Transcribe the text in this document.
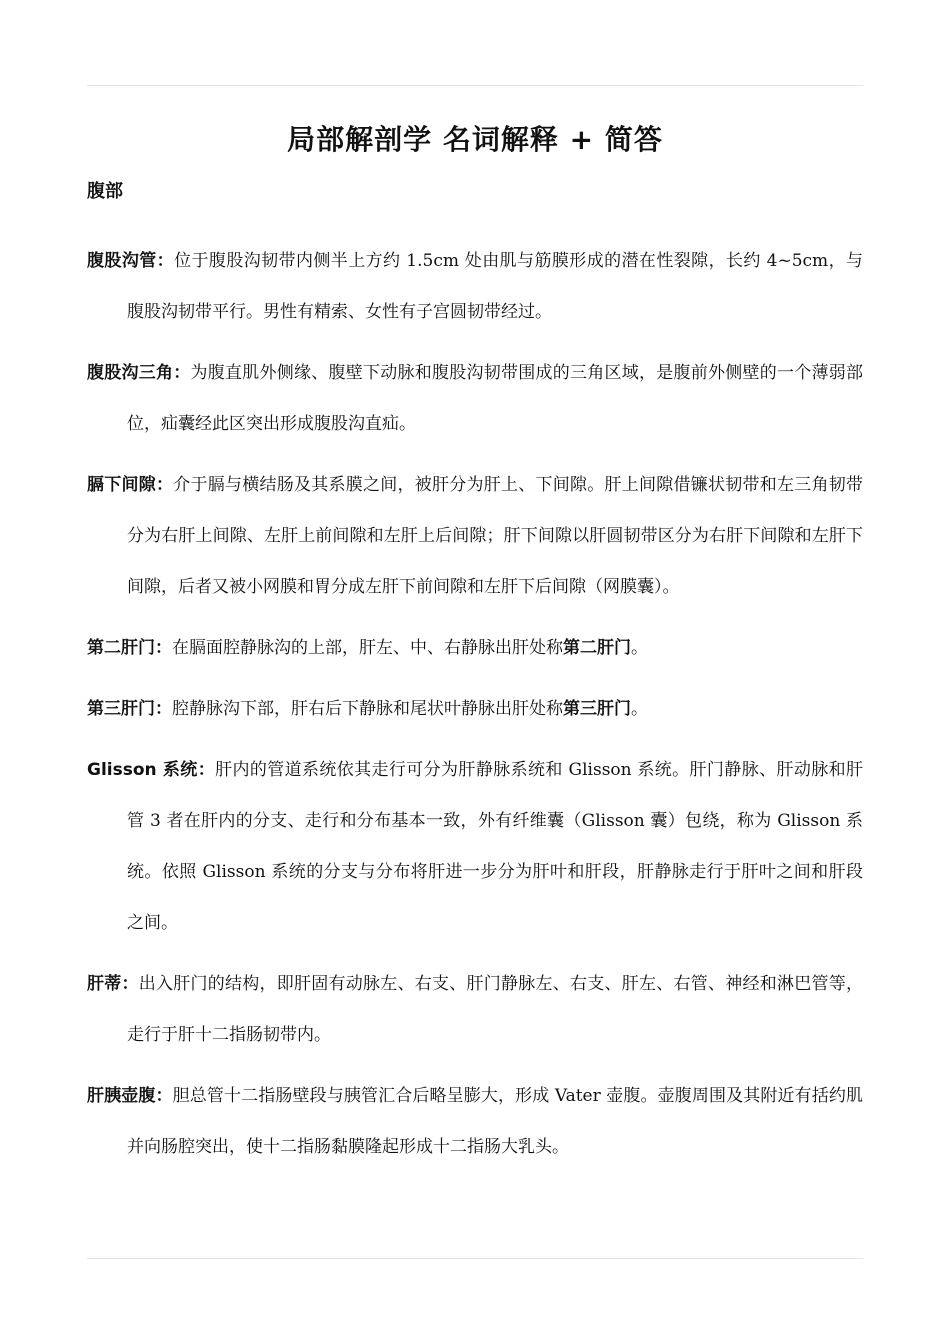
局部解剖学 名词解释 + 简答
腹部

腹股沟管：位于腹股沟韧带内侧半上方约 1.5cm 处由肌与筋膜形成的潜在性裂隙，长约 4~5cm，与腹股沟韧带平行。男性有精索、女性有子宫圆韧带经过。

腹股沟三角：为腹直肌外侧缘、腹壁下动脉和腹股沟韧带围成的三角区域，是腹前外侧壁的一个薄弱部位，疝囊经此区突出形成腹股沟直疝。

膈下间隙：介于膈与横结肠及其系膜之间，被肝分为肝上、下间隙。肝上间隙借镰状韧带和左三角韧带分为右肝上间隙、左肝上前间隙和左肝上后间隙；肝下间隙以肝圆韧带区分为右肝下间隙和左肝下间隙，后者又被小网膜和胃分成左肝下前间隙和左肝下后间隙（网膜囊）。

第二肝门：在膈面腔静脉沟的上部，肝左、中、右静脉出肝处称第二肝门。

第三肝门：腔静脉沟下部，肝右后下静脉和尾状叶静脉出肝处称第三肝门。

Glisson 系统：肝内的管道系统依其走行可分为肝静脉系统和 Glisson 系统。肝门静脉、肝动脉和肝管 3 者在肝内的分支、走行和分布基本一致，外有纤维囊（Glisson 囊）包绕，称为 Glisson 系统。依照 Glisson 系统的分支与分布将肝进一步分为肝叶和肝段，肝静脉走行于肝叶之间和肝段之间。

肝蒂：出入肝门的结构，即肝固有动脉左、右支、肝门静脉左、右支、肝左、右管、神经和淋巴管等，走行于肝十二指肠韧带内。

肝胰壶腹：胆总管十二指肠壁段与胰管汇合后略呈膨大，形成 Vater 壶腹。壶腹周围及其附近有括约肌并向肠腔突出，使十二指肠黏膜隆起形成十二指肠大乳头。
